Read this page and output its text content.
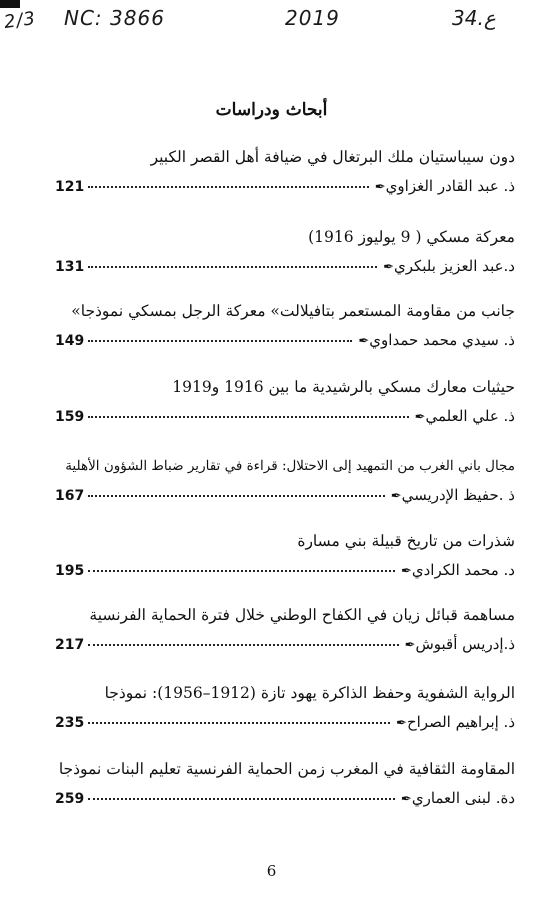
2/3 NC: 3866	2019	34.ع
أبحاث ودراسات
دون سيباستيان ملك البرتغال في ضيافة أهل القصر الكبير
121	ذ. عبد القادر الغزاوي✒
معركة مسكي ( 9 يوليوز 1916)
131	د.عبد العزيز بلبكري✒
جانب من مقاومة المستعمر بتافيلالت» معركة الرجل بمسكي نموذجا»
149	ذ. سيدي محمد حمداوي✒
حيثيات معارك مسكي بالرشيدية ما بين 1916 و1919
159	ذ. علي العلمي✒
مجال باني الغرب من التمهيد إلى الاحتلال: قراءة في تقارير ضباط الشؤون الأهلية
167	ذ .حفيظ الإدريسي✒
شذرات من تاريخ قبيلة بني مسارة
195	د. محمد الكرادي✒
مساهمة قبائل زيان في الكفاح الوطني خلال فترة الحماية الفرنسية
217	ذ.إدريس أقبوش✒
الرواية الشفوية وحفظ الذاكرة يهود تازة (1912–1956): نموذجا
235	ذ. إبراهيم الصراح✒
المقاومة الثقافية في المغرب زمن الحماية الفرنسية تعليم البنات نموذجا
259	دة. لبنى العماري✒
6
